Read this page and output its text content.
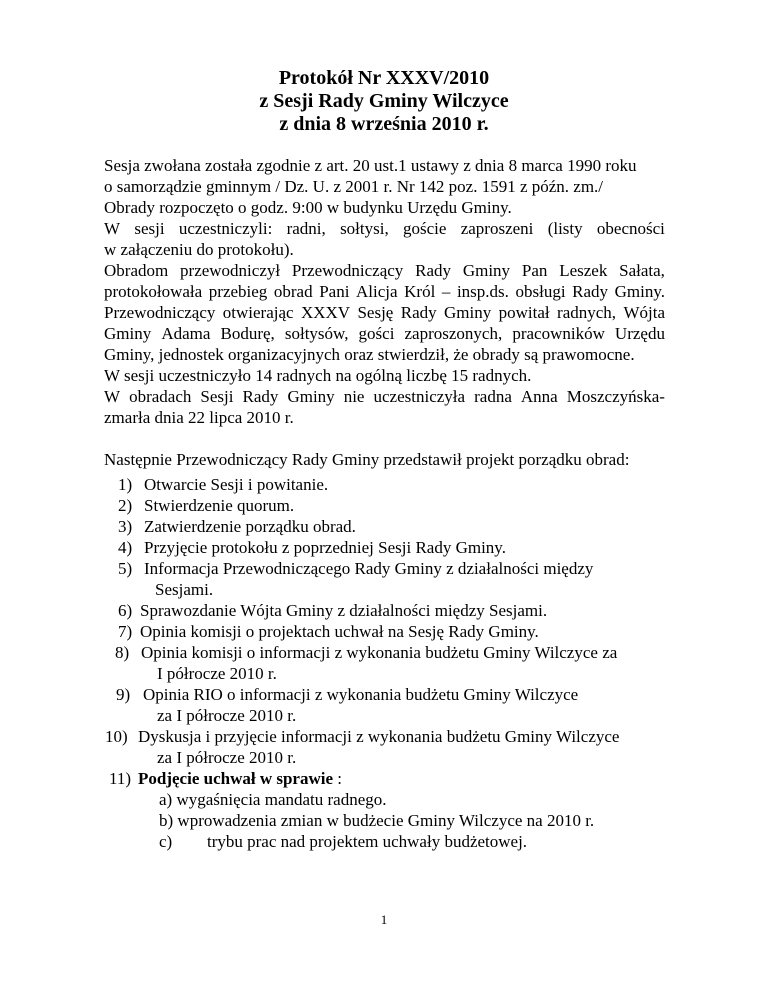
Protokół Nr XXXV/2010
z Sesji Rady Gminy Wilczyce
z dnia 8 września 2010 r.
Sesja zwołana została zgodnie z art. 20 ust.1 ustawy z dnia 8 marca 1990 roku
o samorządzie gminnym / Dz. U. z 2001 r. Nr 142 poz. 1591 z późn. zm./
Obrady rozpoczęto o godz. 9:00 w budynku Urzędu Gminy.
W sesji uczestniczyli: radni, sołtysi, goście zaproszeni (listy obecności
w załączeniu do protokołu).
Obradom przewodniczył Przewodniczący Rady Gminy Pan Leszek Sałata,
protokołowała przebieg obrad Pani Alicja Król – insp.ds. obsługi Rady Gminy.
Przewodniczący otwierając XXXV Sesję Rady Gminy powitał radnych, Wójta
Gminy Adama Bodurę, sołtysów, gości zaproszonych, pracowników Urzędu
Gminy, jednostek organizacyjnych oraz stwierdził, że obrady są prawomocne.
W sesji uczestniczyło 14 radnych na ogólną liczbę 15 radnych.
W obradach Sesji Rady Gminy nie uczestniczyła radna Anna Moszczyńska-
zmarła dnia 22 lipca 2010 r.
Następnie Przewodniczący Rady Gminy przedstawił projekt porządku obrad:
1) Otwarcie Sesji i powitanie.
2) Stwierdzenie quorum.
3) Zatwierdzenie porządku obrad.
4) Przyjęcie protokołu z poprzedniej Sesji Rady Gminy.
5) Informacja Przewodniczącego Rady Gminy z działalności między
Sesjami.
6) Sprawozdanie Wójta Gminy z działalności między Sesjami.
7) Opinia komisji o projektach uchwał na Sesję Rady Gminy.
8) Opinia komisji o informacji z wykonania budżetu Gminy Wilczyce za
I półrocze 2010 r.
9) Opinia RIO o informacji z wykonania budżetu Gminy Wilczyce
za I półrocze 2010 r.
10) Dyskusja i przyjęcie informacji z wykonania budżetu Gminy Wilczyce
za I półrocze 2010 r.
11) Podjęcie uchwał w sprawie :
a) wygaśnięcia mandatu radnego.
b) wprowadzenia zmian w budżecie Gminy Wilczyce na 2010 r.
c) trybu prac nad projektem uchwały budżetowej.
1
